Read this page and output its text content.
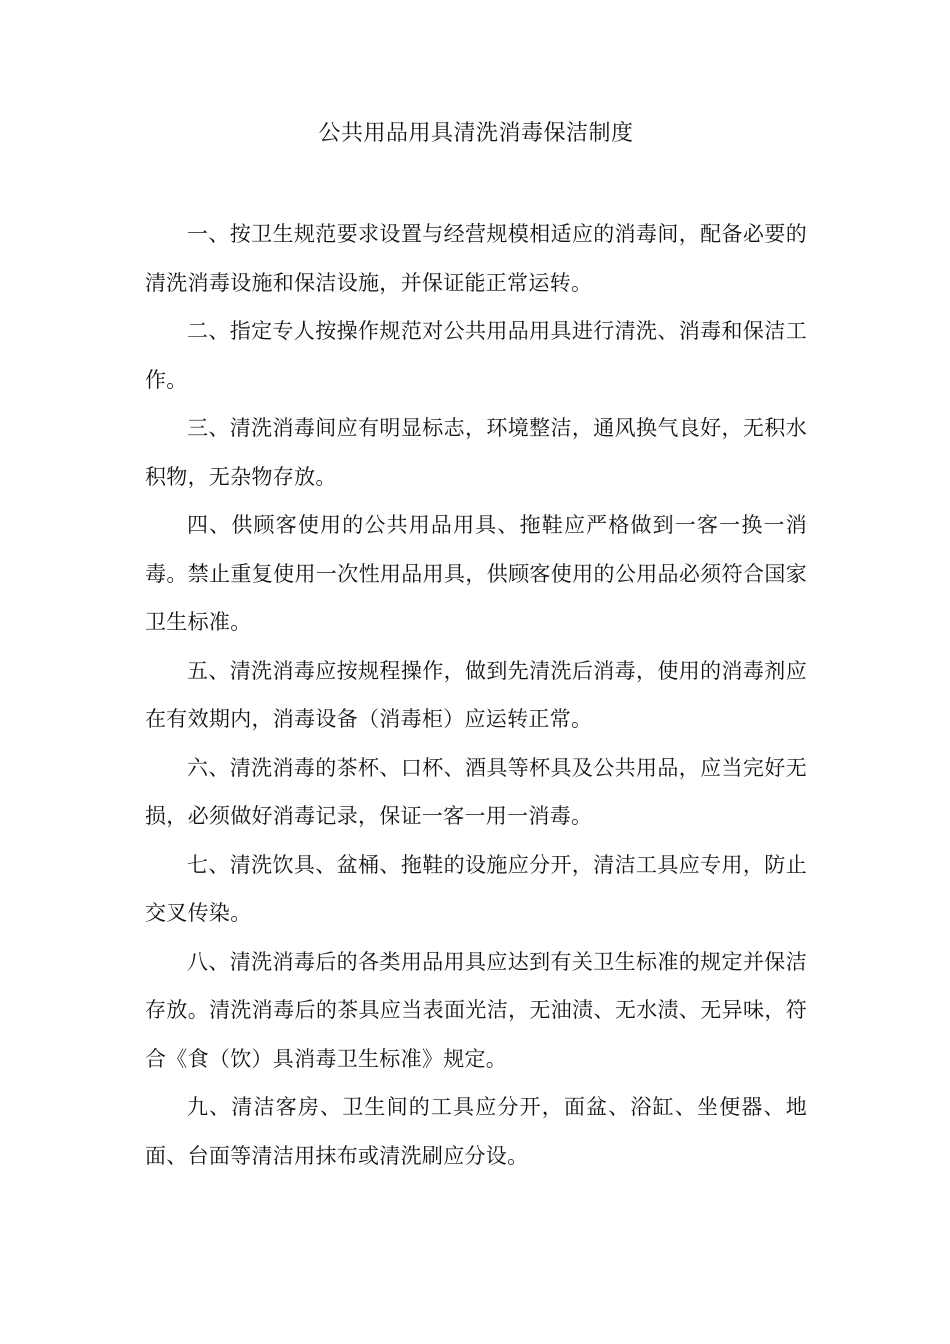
公共用品用具清洗消毒保洁制度

一、按卫生规范要求设置与经营规模相适应的消毒间，配备必要的清洗消毒设施和保洁设施，并保证能正常运转。

二、指定专人按操作规范对公共用品用具进行清洗、消毒和保洁工作。

三、清洗消毒间应有明显标志，环境整洁，通风换气良好，无积水积物，无杂物存放。

四、供顾客使用的公共用品用具、拖鞋应严格做到一客一换一消毒。禁止重复使用一次性用品用具，供顾客使用的公用品必须符合国家卫生标准。

五、清洗消毒应按规程操作，做到先清洗后消毒，使用的消毒剂应在有效期内，消毒设备（消毒柜）应运转正常。

六、清洗消毒的茶杯、口杯、酒具等杯具及公共用品，应当完好无损，必须做好消毒记录，保证一客一用一消毒。

七、清洗饮具、盆桶、拖鞋的设施应分开，清洁工具应专用，防止交叉传染。

八、清洗消毒后的各类用品用具应达到有关卫生标准的规定并保洁存放。清洗消毒后的茶具应当表面光洁，无油渍、无水渍、无异味，符合《食（饮）具消毒卫生标准》规定。

九、清洁客房、卫生间的工具应分开，面盆、浴缸、坐便器、地面、台面等清洁用抹布或清洗刷应分设。
